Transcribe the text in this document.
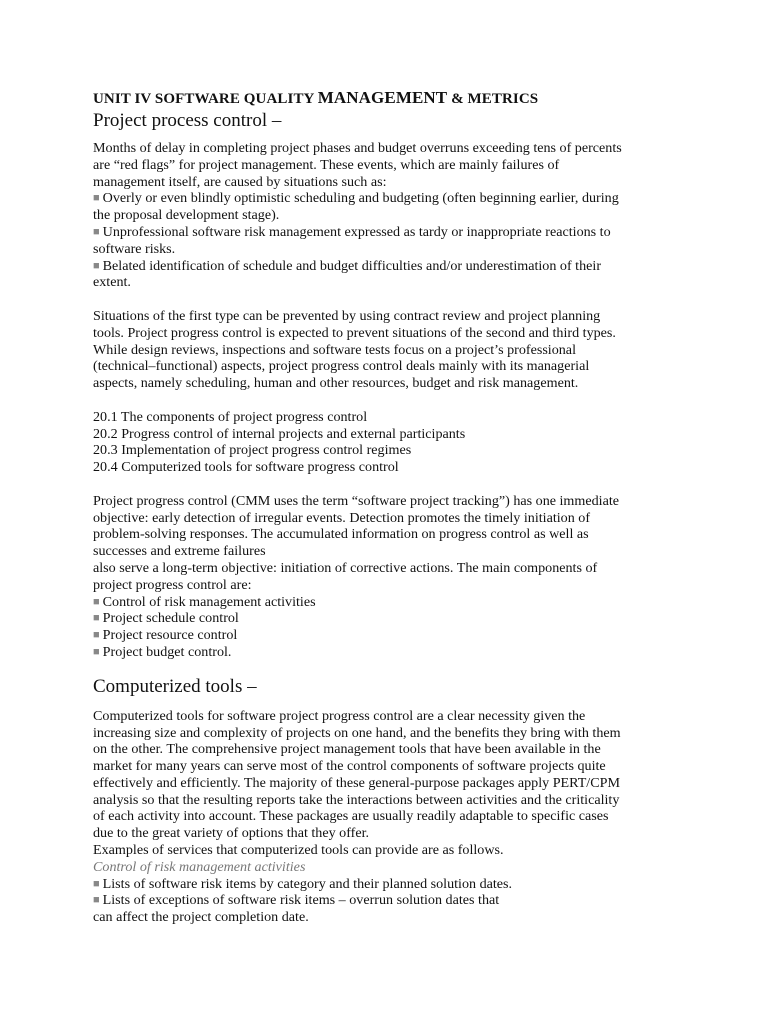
UNIT IV SOFTWARE QUALITY MANAGEMENT & METRICS

Project process control –

Months of delay in completing project phases and budget overruns exceeding tens of percents

are “red flags” for project management. These events, which are mainly failures of

management itself, are caused by situations such as:

■ Overly or even blindly optimistic scheduling and budgeting (often beginning earlier, during

the proposal development stage).

■ Unprofessional software risk management expressed as tardy or inappropriate reactions to

software risks.

■ Belated identification of schedule and budget difficulties and/or underestimation of their

extent.

Situations of the first type can be prevented by using contract review and project planning

tools. Project progress control is expected to prevent situations of the second and third types.

While design reviews, inspections and software tests focus on a project’s professional

(technical–functional) aspects, project progress control deals mainly with its managerial

aspects, namely scheduling, human and other resources, budget and risk management.

20.1 The components of project progress control

20.2 Progress control of internal projects and external participants

20.3 Implementation of project progress control regimes

20.4 Computerized tools for software progress control

Project progress control (CMM uses the term “software project tracking”) has one immediate

objective: early detection of irregular events. Detection promotes the timely initiation of

problem-solving responses. The accumulated information on progress control as well as

successes and extreme failures

also serve a long-term objective: initiation of corrective actions. The main components of

project progress control are:

■ Control of risk management activities

■ Project schedule control

■ Project resource control

■ Project budget control.

Computerized tools –

Computerized tools for software project progress control are a clear necessity given the

increasing size and complexity of projects on one hand, and the benefits they bring with them

on the other. The comprehensive project management tools that have been available in the

market for many years can serve most of the control components of software projects quite

effectively and efficiently. The majority of these general-purpose packages apply PERT/CPM

analysis so that the resulting reports take the interactions between activities and the criticality

of each activity into account. These packages are usually readily adaptable to specific cases

due to the great variety of options that they offer.

Examples of services that computerized tools can provide are as follows.

Control of risk management activities

■ Lists of software risk items by category and their planned solution dates.

■ Lists of exceptions of software risk items – overrun solution dates that

can affect the project completion date.
